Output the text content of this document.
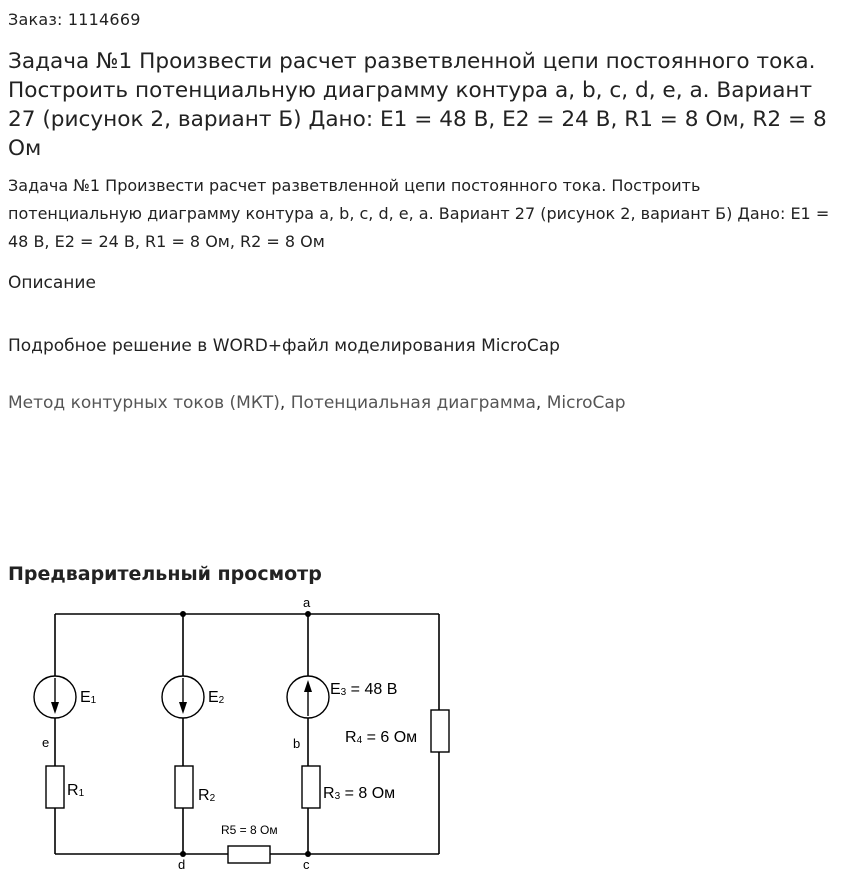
Заказ: 1114669
Задача №1 Произвести расчет разветвленной цепи постоянного тока. Построить потенциальную диаграмму контура a, b, c, d, e, a. Вариант 27 (рисунок 2, вариант Б) Дано: Е1 = 48 В, Е2 = 24 В, R1 = 8 Ом, R2 = 8 Ом

Задача №1 Произвести расчет разветвленной цепи постоянного тока. Построить потенциальную диаграмму контура a, b, c, d, e, a. Вариант 27 (рисунок 2, вариант Б) Дано: Е1 = 48 В, Е2 = 24 В, R1 = 8 Ом, R2 = 8 Ом

Описание
Подробное решение в WORD+файл моделирования MicroCap
Метод контурных токов (МКТ), Потенциальная диаграмма, MicroCap
Предварительный просмотр
a
b
c
d
e
E1	E2
E3 = 48 В
R1	R2	R3 = 8 Ом
R4 = 6 Ом
R5 = 8 Ом
